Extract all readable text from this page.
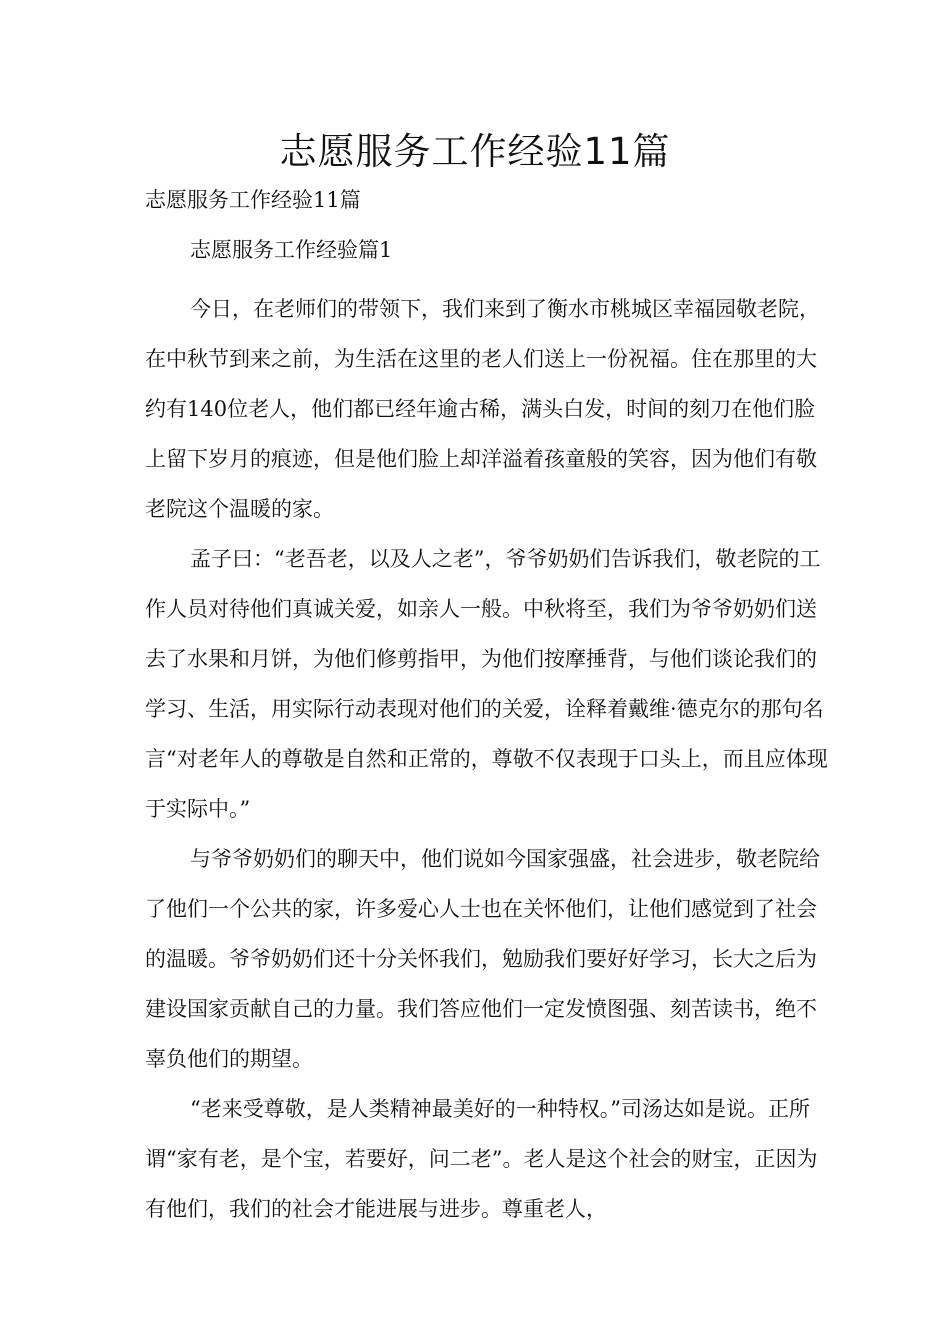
志愿服务工作经验11篇

志愿服务工作经验11篇

志愿服务工作经验篇1

今日，在老师们的带领下，我们来到了衡水市桃城区幸福园敬老院，在中秋节到来之前，为生活在这里的老人们送上一份祝福。住在那里的大约有140位老人，他们都已经年逾古稀，满头白发，时间的刻刀在他们脸上留下岁月的痕迹，但是他们脸上却洋溢着孩童般的笑容，因为他们有敬老院这个温暖的家。

孟子曰：“老吾老，以及人之老”，爷爷奶奶们告诉我们，敬老院的工作人员对待他们真诚关爱，如亲人一般。中秋将至，我们为爷爷奶奶们送去了水果和月饼，为他们修剪指甲，为他们按摩捶背，与他们谈论我们的学习、生活，用实际行动表现对他们的关爱，诠释着戴维·德克尔的那句名言“对老年人的尊敬是自然和正常的，尊敬不仅表现于口头上，而且应体现于实际中。”

与爷爷奶奶们的聊天中，他们说如今国家强盛，社会进步，敬老院给了他们一个公共的家，许多爱心人士也在关怀他们，让他们感觉到了社会的温暖。爷爷奶奶们还十分关怀我们，勉励我们要好好学习，长大之后为建设国家贡献自己的力量。我们答应他们一定发愤图强、刻苦读书，绝不辜负他们的期望。

“老来受尊敬，是人类精神最美好的一种特权。”司汤达如是说。正所谓“家有老，是个宝，若要好，问二老”。老人是这个社会的财宝，正因为有他们，我们的社会才能进展与进步。尊重老人，
